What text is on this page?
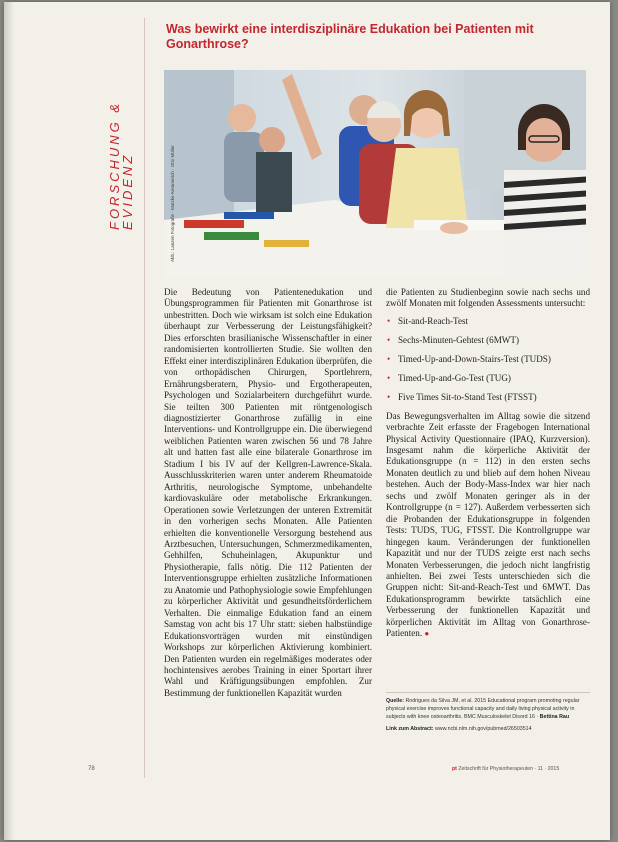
FORSCHUNG &

EVIDENZ
Was bewirkt eine interdisziplinäre Edukation bei Patienten mit Gonarthrose?
Abb.: Lanzen Fotografie · Matzke-Kemmerich · Otto Müller

Die Bedeutung von Patientenedukation und Übungsprogrammen für Patienten mit Gonarthrose ist unbestritten. Doch wie wirksam ist solch eine Edukation überhaupt zur Verbesserung der Leistungsfähigkeit? Dies erforschten brasilianische Wissenschaftler in einer randomisierten kontrollierten Studie. Sie wollten den Effekt einer interdisziplinären Edukation überprüfen, die von orthopädischen Chirurgen, Sportlehrern, Ernährungsberatern, Physio- und Ergotherapeuten, Psychologen und Sozialarbeitern durchgeführt wurde. Sie teilten 300 Patienten mit röntgenologisch diagnostizierter Gonarthrose zufällig in eine Interventions- und Kontrollgruppe ein. Die überwiegend weiblichen Patienten waren zwischen 56 und 78 Jahre alt und hatten fast alle eine bilaterale Gonarthrose im Stadium I bis IV auf der Kellgren-Lawrence-Skala. Ausschlusskriterien waren unter anderem Rheumatoide Arthritis, neurologische Symptome, unbehandelte kardiovaskuläre oder metabolische Erkrankungen. Operationen sowie Verletzungen der unteren Extremität in den vorherigen sechs Monaten. Alle Patienten erhielten die konventionelle Versorgung bestehend aus Arztbesuchen, Untersuchungen, Schmerzmedikamenten, Gehhilfen, Schuheinlagen, Akupunktur und Physiotherapie, falls nötig. Die 112 Patienten der Interventionsgruppe erhielten zusätzliche Informationen zu Anatomie und Pathophysiologie sowie Empfehlungen zu körperlicher Aktivität und gesundheitsförderlichem Verhalten. Die einmalige Edukation fand an einem Samstag von acht bis 17 Uhr statt: sieben halbstündige Edukationsvorträgen wurden mit einstündigen Workshops zur körperlichen Aktivierung kombiniert. Den Patienten wurden ein regelmäßiges moderates oder hochintensives aerobes Training in einer Sportart ihrer Wahl und Kräftigungsübungen empfohlen. Zur Bestimmung der funktionellen Kapazität wurden

die Patienten zu Studienbeginn sowie nach sechs und zwölf Monaten mit folgenden Assessments untersucht:

• Sit-and-Reach-Test
• Sechs-Minuten-Gehtest (6MWT)
• Timed-Up-and-Down-Stairs-Test (TUDS)
• Timed-Up-and-Go-Test (TUG)
• Five Times Sit-to-Stand Test (FTSST)

Das Bewegungsverhalten im Alltag sowie die sitzend verbrachte Zeit erfasste der Fragebogen International Physical Activity Questionnaire (IPAQ, Kurzversion). Insgesamt nahm die körperliche Aktivität der Edukationsgruppe (n = 112) in den ersten sechs Monaten deutlich zu und blieb auf dem hohen Niveau bestehen. Auch der Body-Mass-Index war hier nach sechs und zwölf Monaten geringer als in der Kontrollgruppe (n = 127). Außerdem verbesserten sich die Probanden der Edukationsgruppe in folgenden Tests: TUDS, TUG, FTSST. Die Kontrollgruppe war hingegen kaum. Veränderungen der funktionellen Kapazität und nur der TUDS zeigte erst nach sechs Monaten Verbesserungen, die jedoch nicht langfristig anhielten. Bei zwei Tests unterschieden sich die Gruppen nicht: Sit-and-Reach-Test und 6MWT. Das Edukationsprogramm bewirkte tatsächlich eine Verbesserung der funktionellen Kapazität und körperlichen Aktivität im Alltag von Gonarthrose-Patienten. ●

Quelle: Rodrigues da Silva JM, et al. 2015 Educational program promoting regular physical exercise improves functional capacity and daily living physical activity in subjects with knee osteoarthritis. BMC Musculoskelet Disord 16 · Bettina Rau
Link zum Abstract: www.ncbi.nlm.nih.gov/pubmed/26503514
78	pt Zeitschrift für Physiotherapeuten · 11 · 2015
